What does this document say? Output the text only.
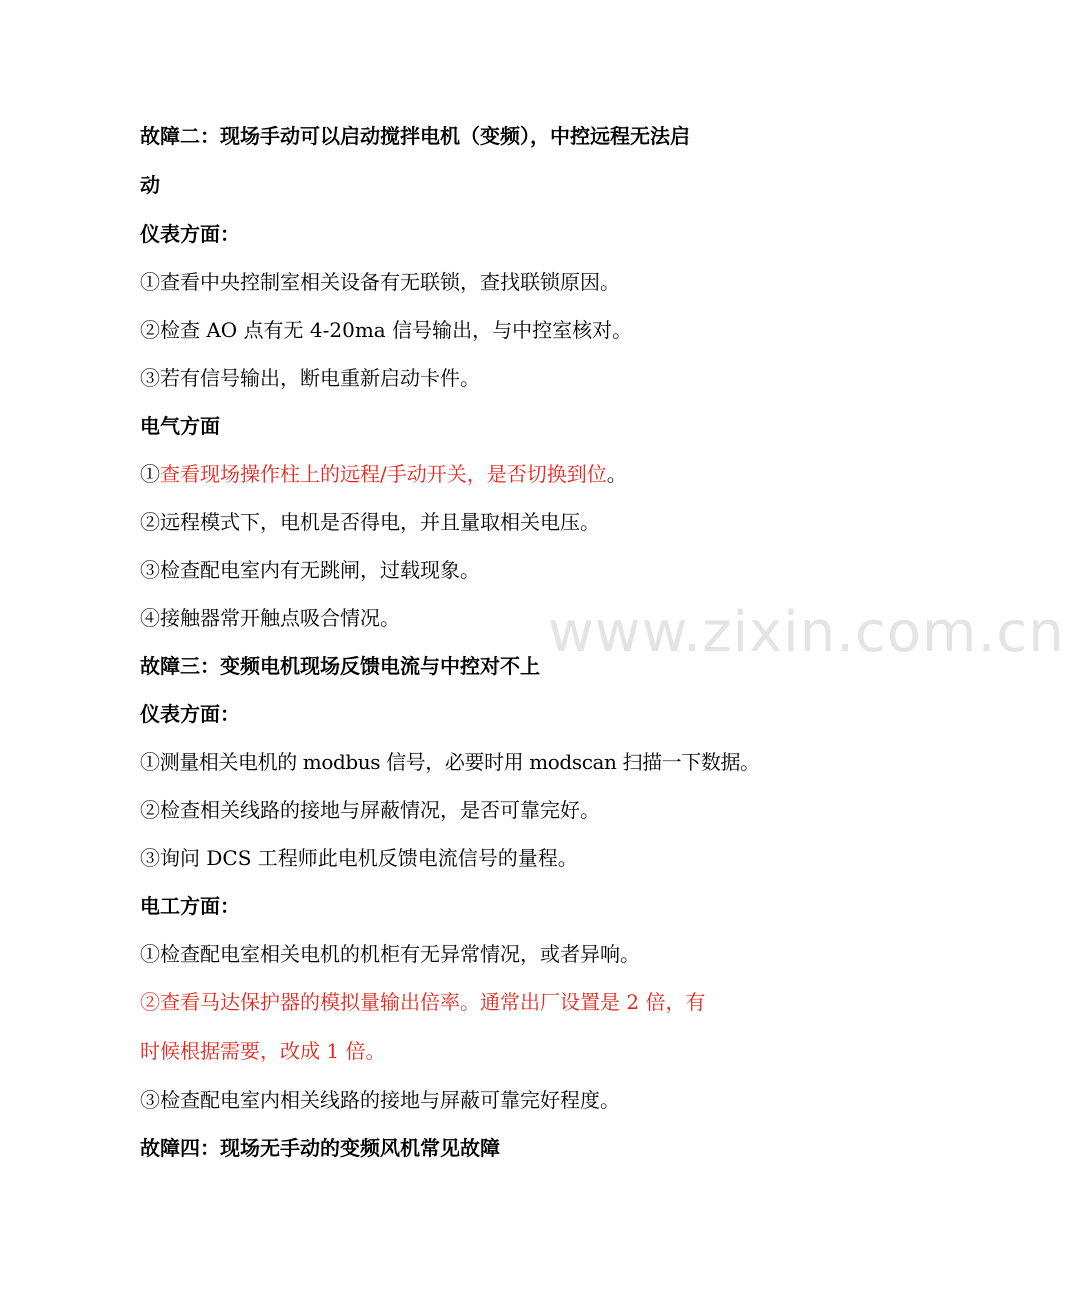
www.zixin.com.cn
故障二：现场手动可以启动搅拌电机（变频），中控远程无法启
动
仪表方面：
①查看中央控制室相关设备有无联锁，查找联锁原因。
②检查 AO 点有无 4-20ma 信号输出，与中控室核对。
③若有信号输出，断电重新启动卡件。
电气方面
①查看现场操作柱上的远程/手动开关，是否切换到位。
②远程模式下，电机是否得电，并且量取相关电压。
③检查配电室内有无跳闸，过载现象。
④接触器常开触点吸合情况。
故障三：变频电机现场反馈电流与中控对不上
仪表方面：
①测量相关电机的 modbus 信号，必要时用 modscan 扫描一下数据。
②检查相关线路的接地与屏蔽情况，是否可靠完好。
③询问 DCS 工程师此电机反馈电流信号的量程。
电工方面：
①检查配电室相关电机的机柜有无异常情况，或者异响。
②查看马达保护器的模拟量输出倍率。通常出厂设置是 2 倍，有
时候根据需要，改成 1 倍。
③检查配电室内相关线路的接地与屏蔽可靠完好程度。
故障四：现场无手动的变频风机常见故障
